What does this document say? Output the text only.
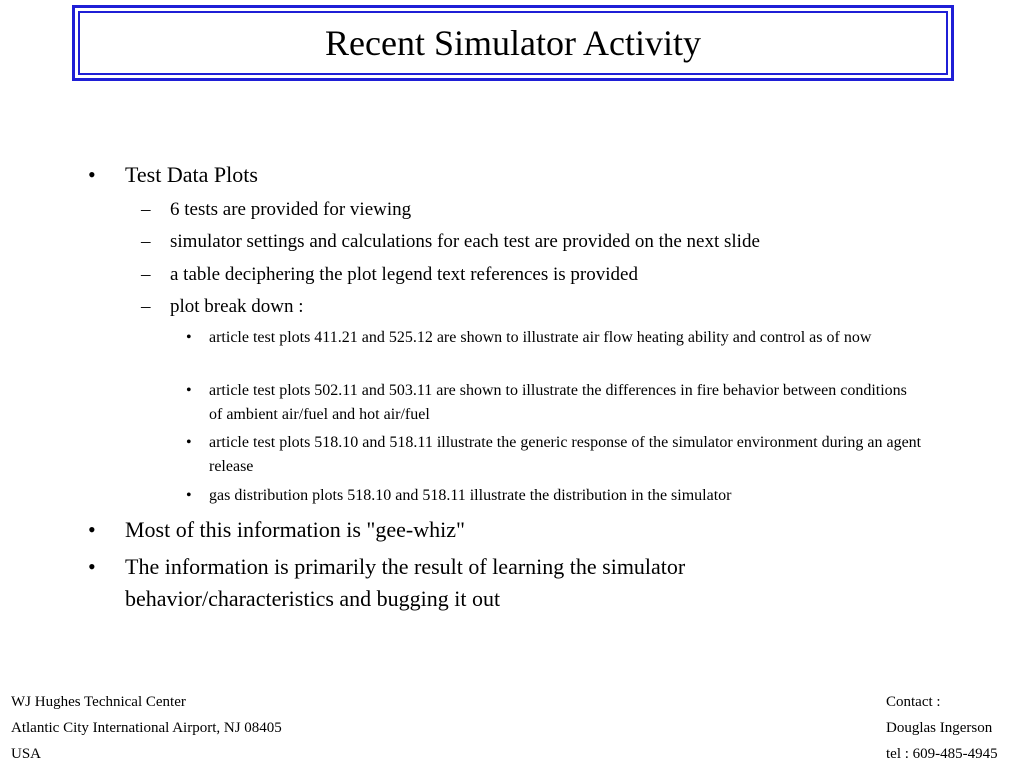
Recent Simulator Activity
• Test Data Plots
– 6 tests are provided for viewing
– simulator settings and calculations for each test are provided on the next slide
– a table deciphering the plot legend text references is provided
– plot break down :
• article test plots 411.21 and 525.12 are shown to illustrate air flow heating ability and control as of now
• article test plots 502.11 and 503.11 are shown to illustrate the differences in fire behavior between conditions of ambient air/fuel and hot air/fuel
• article test plots 518.10 and 518.11 illustrate the generic response of the simulator environment during an agent release
• gas distribution plots 518.10 and 518.11 illustrate the distribution in the simulator
• Most of this information is "gee-whiz"
• The information is primarily the result of learning the simulator
behavior/characteristics and bugging it out
WJ Hughes Technical Center
Atlantic City International Airport, NJ 08405
USA
Contact :
Douglas Ingerson
tel : 609-485-4945
